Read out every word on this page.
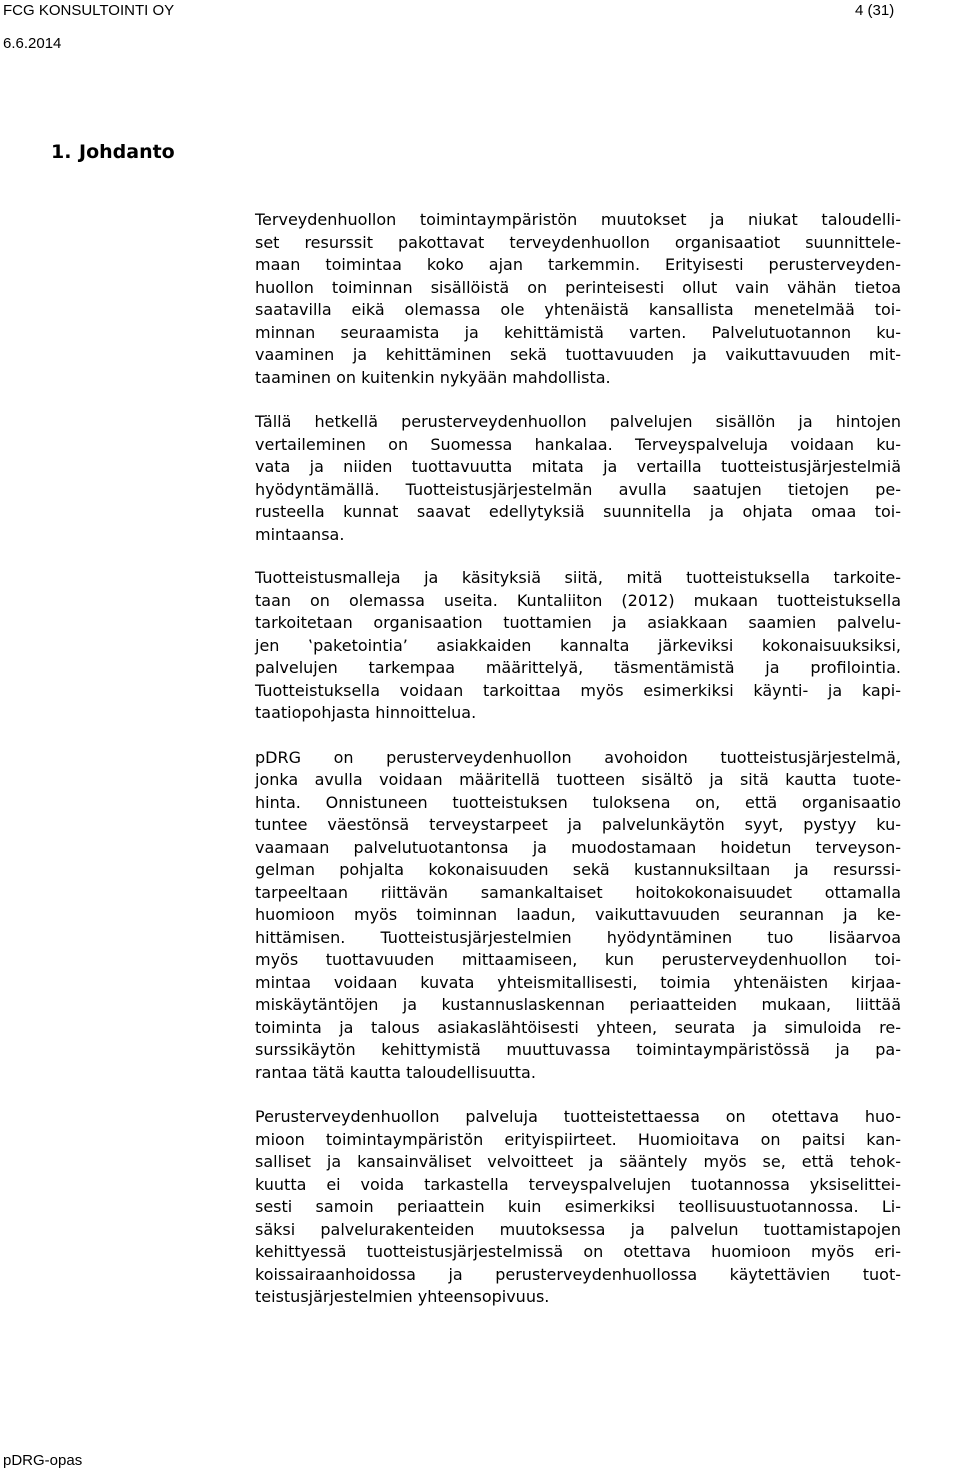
FCG KONSULTOINTI OY
6.6.2014
4 (31)
1. Johdanto
Terveydenhuollon toimintaympäristön muutokset ja niukat taloudelli-
set resurssit pakottavat terveydenhuollon organisaatiot suunnittele-
maan toimintaa koko ajan tarkemmin. Erityisesti perusterveyden-
huollon toiminnan sisällöistä on perinteisesti ollut vain vähän tietoa
saatavilla eikä olemassa ole yhtenäistä kansallista menetelmää toi-
minnan seuraamista ja kehittämistä varten. Palvelutuotannon ku-
vaaminen ja kehittäminen sekä tuottavuuden ja vaikuttavuuden mit-
taaminen on kuitenkin nykyään mahdollista.
Tällä hetkellä perusterveydenhuollon palvelujen sisällön ja hintojen
vertaileminen on Suomessa hankalaa. Terveyspalveluja voidaan ku-
vata ja niiden tuottavuutta mitata ja vertailla tuotteistusjärjestelmiä
hyödyntämällä. Tuotteistusjärjestelmän avulla saatujen tietojen pe-
rusteella kunnat saavat edellytyksiä suunnitella ja ohjata omaa toi-
mintaansa.
Tuotteistusmalleja ja käsityksiä siitä, mitä tuotteistuksella tarkoite-
taan on olemassa useita. Kuntaliiton (2012) mukaan tuotteistuksella
tarkoitetaan organisaation tuottamien ja asiakkaan saamien palvelu-
jen ‛paketointia’ asiakkaiden kannalta järkeviksi kokonaisuuksiksi,
palvelujen tarkempaa määrittelyä, täsmentämistä ja profilointia.
Tuotteistuksella voidaan tarkoittaa myös esimerkiksi käynti- ja kapi-
taatiopohjasta hinnoittelua.
pDRG on perusterveydenhuollon avohoidon tuotteistusjärjestelmä,
jonka avulla voidaan määritellä tuotteen sisältö ja sitä kautta tuote-
hinta. Onnistuneen tuotteistuksen tuloksena on, että organisaatio
tuntee väestönsä terveystarpeet ja palvelunkäytön syyt, pystyy ku-
vaamaan palvelutuotantonsa ja muodostamaan hoidetun terveyson-
gelman pohjalta kokonaisuuden sekä kustannuksiltaan ja resurssi-
tarpeeltaan riittävän samankaltaiset hoitokokonaisuudet ottamalla
huomioon myös toiminnan laadun, vaikuttavuuden seurannan ja ke-
hittämisen. Tuotteistusjärjestelmien hyödyntäminen tuo lisäarvoa
myös tuottavuuden mittaamiseen, kun perusterveydenhuollon toi-
mintaa voidaan kuvata yhteismitallisesti, toimia yhtenäisten kirjaa-
miskäytäntöjen ja kustannuslaskennan periaatteiden mukaan, liittää
toiminta ja talous asiakaslähtöisesti yhteen, seurata ja simuloida re-
surssikäytön kehittymistä muuttuvassa toimintaympäristössä ja pa-
rantaa tätä kautta taloudellisuutta.
Perusterveydenhuollon palveluja tuotteistettaessa on otettava huo-
mioon toimintaympäristön erityispiirteet. Huomioitava on paitsi kan-
salliset ja kansainväliset velvoitteet ja sääntely myös se, että tehok-
kuutta ei voida tarkastella terveyspalvelujen tuotannossa yksiselittei-
sesti samoin periaattein kuin esimerkiksi teollisuustuotannossa. Li-
säksi palvelurakenteiden muutoksessa ja palvelun tuottamistapojen
kehittyessä tuotteistusjärjestelmissä on otettava huomioon myös eri-
koissairaanhoidossa ja perusterveydenhuollossa käytettävien tuot-
teistusjärjestelmien yhteensopivuus.
pDRG-opas
